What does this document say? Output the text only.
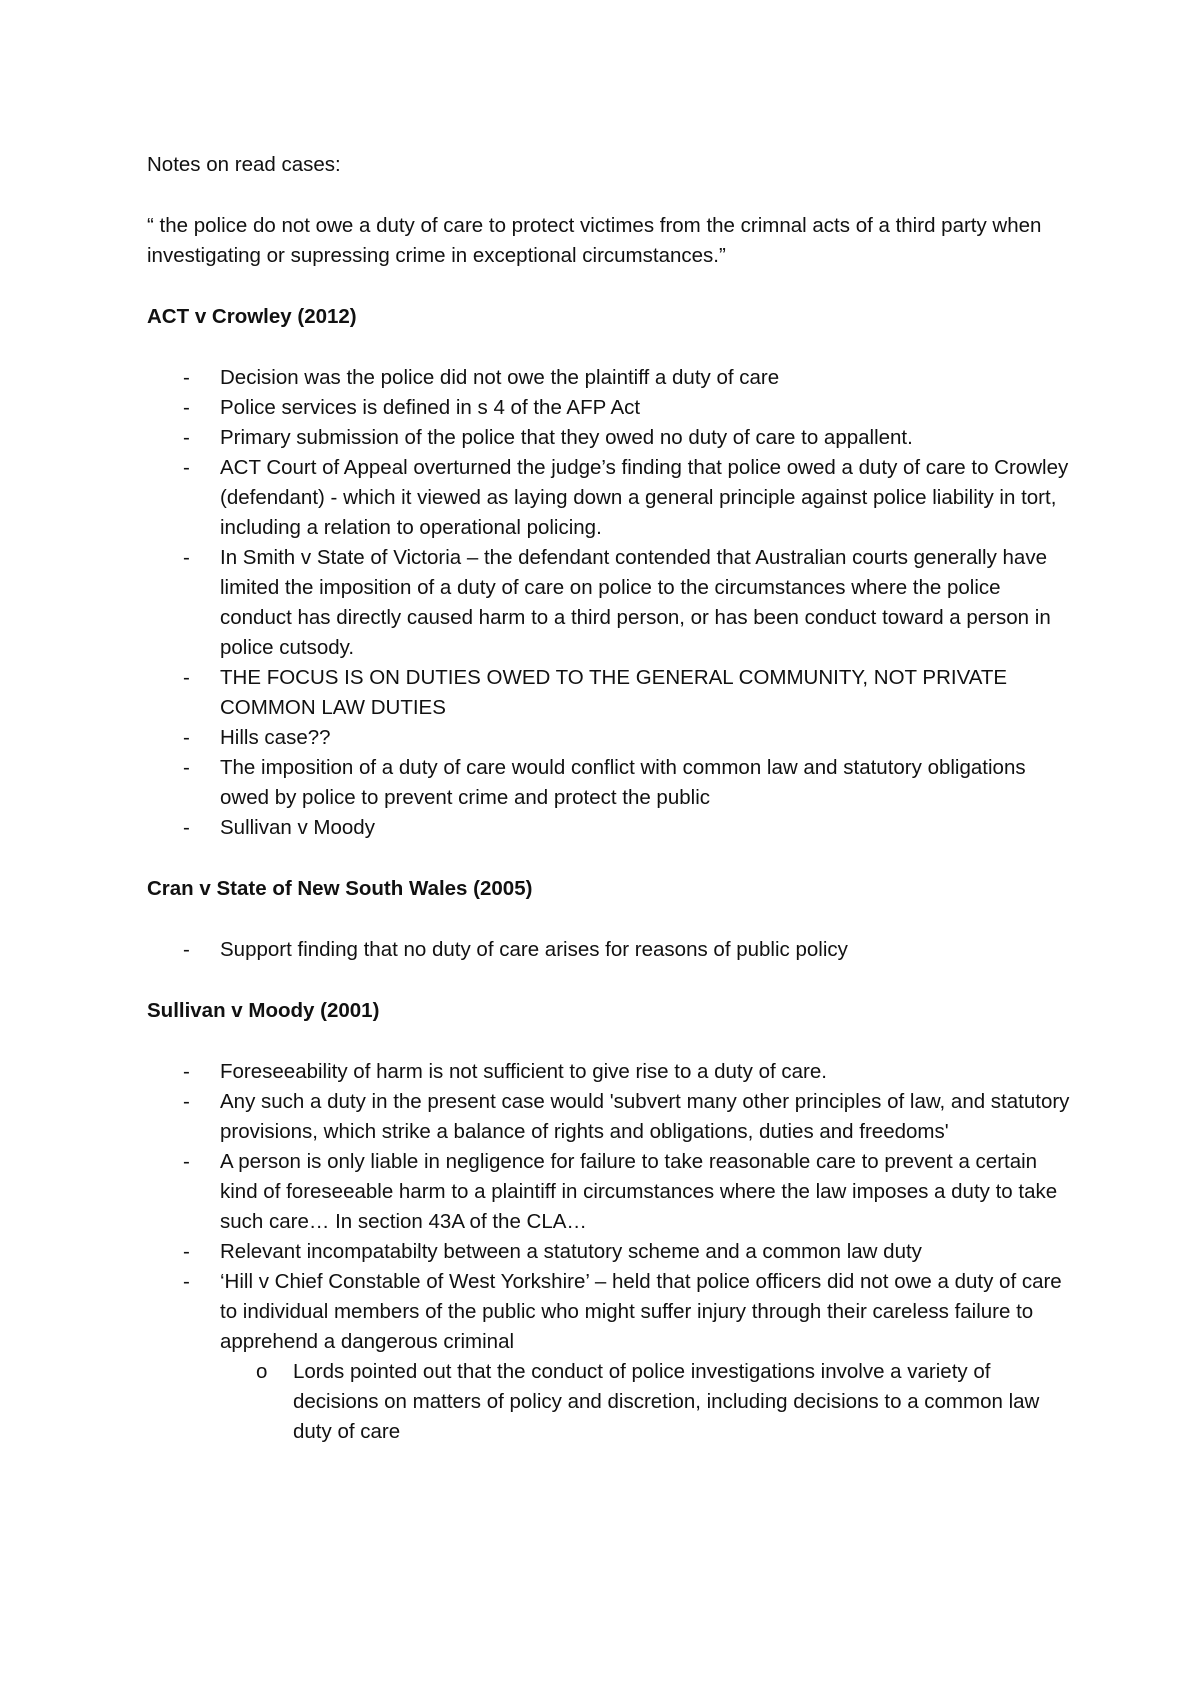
Notes on read cases:

“ the police do not owe a duty of care to protect victimes from the crimnal acts of a third party when investigating or supressing crime in exceptional circumstances.”

ACT v Crowley (2012)

- Decision was the police did not owe the plaintiff a duty of care
- Police services is defined in s 4 of the AFP Act
- Primary submission of the police that they owed no duty of care to appallent.
- ACT Court of Appeal overturned the judge’s finding that police owed a duty of care to Crowley (defendant) - which it viewed as laying down a general principle against police liability in tort, including a relation to operational policing.
- In Smith v State of Victoria – the defendant contended that Australian courts generally have limited the imposition of a duty of care on police to the circumstances where the police conduct has directly caused harm to a third person, or has been conduct toward a person in police cutsody.
- THE FOCUS IS ON DUTIES OWED TO THE GENERAL COMMUNITY, NOT PRIVATE COMMON LAW DUTIES
- Hills case??
- The imposition of a duty of care would conflict with common law and statutory obligations owed by police to prevent crime and protect the public
- Sullivan v Moody

Cran v State of New South Wales (2005)

- Support finding that no duty of care arises for reasons of public policy

Sullivan v Moody (2001)

- Foreseeability of harm is not sufficient to give rise to a duty of care.
- Any such a duty in the present case would 'subvert many other principles of law, and statutory provisions, which strike a balance of rights and obligations, duties and freedoms'
- A person is only liable in negligence for failure to take reasonable care to prevent a certain kind of foreseeable harm to a plaintiff in circumstances where the law imposes a duty to take such care… In section 43A of the CLA…
- Relevant incompatabilty between a statutory scheme and a common law duty
- ‘Hill v Chief Constable of West Yorkshire’ – held that police officers did not owe a duty of care to individual members of the public who might suffer injury through their careless failure to apprehend a dangerous criminal
o Lords pointed out that the conduct of police investigations involve a variety of decisions on matters of policy and discretion, including decisions to a common law duty of care
